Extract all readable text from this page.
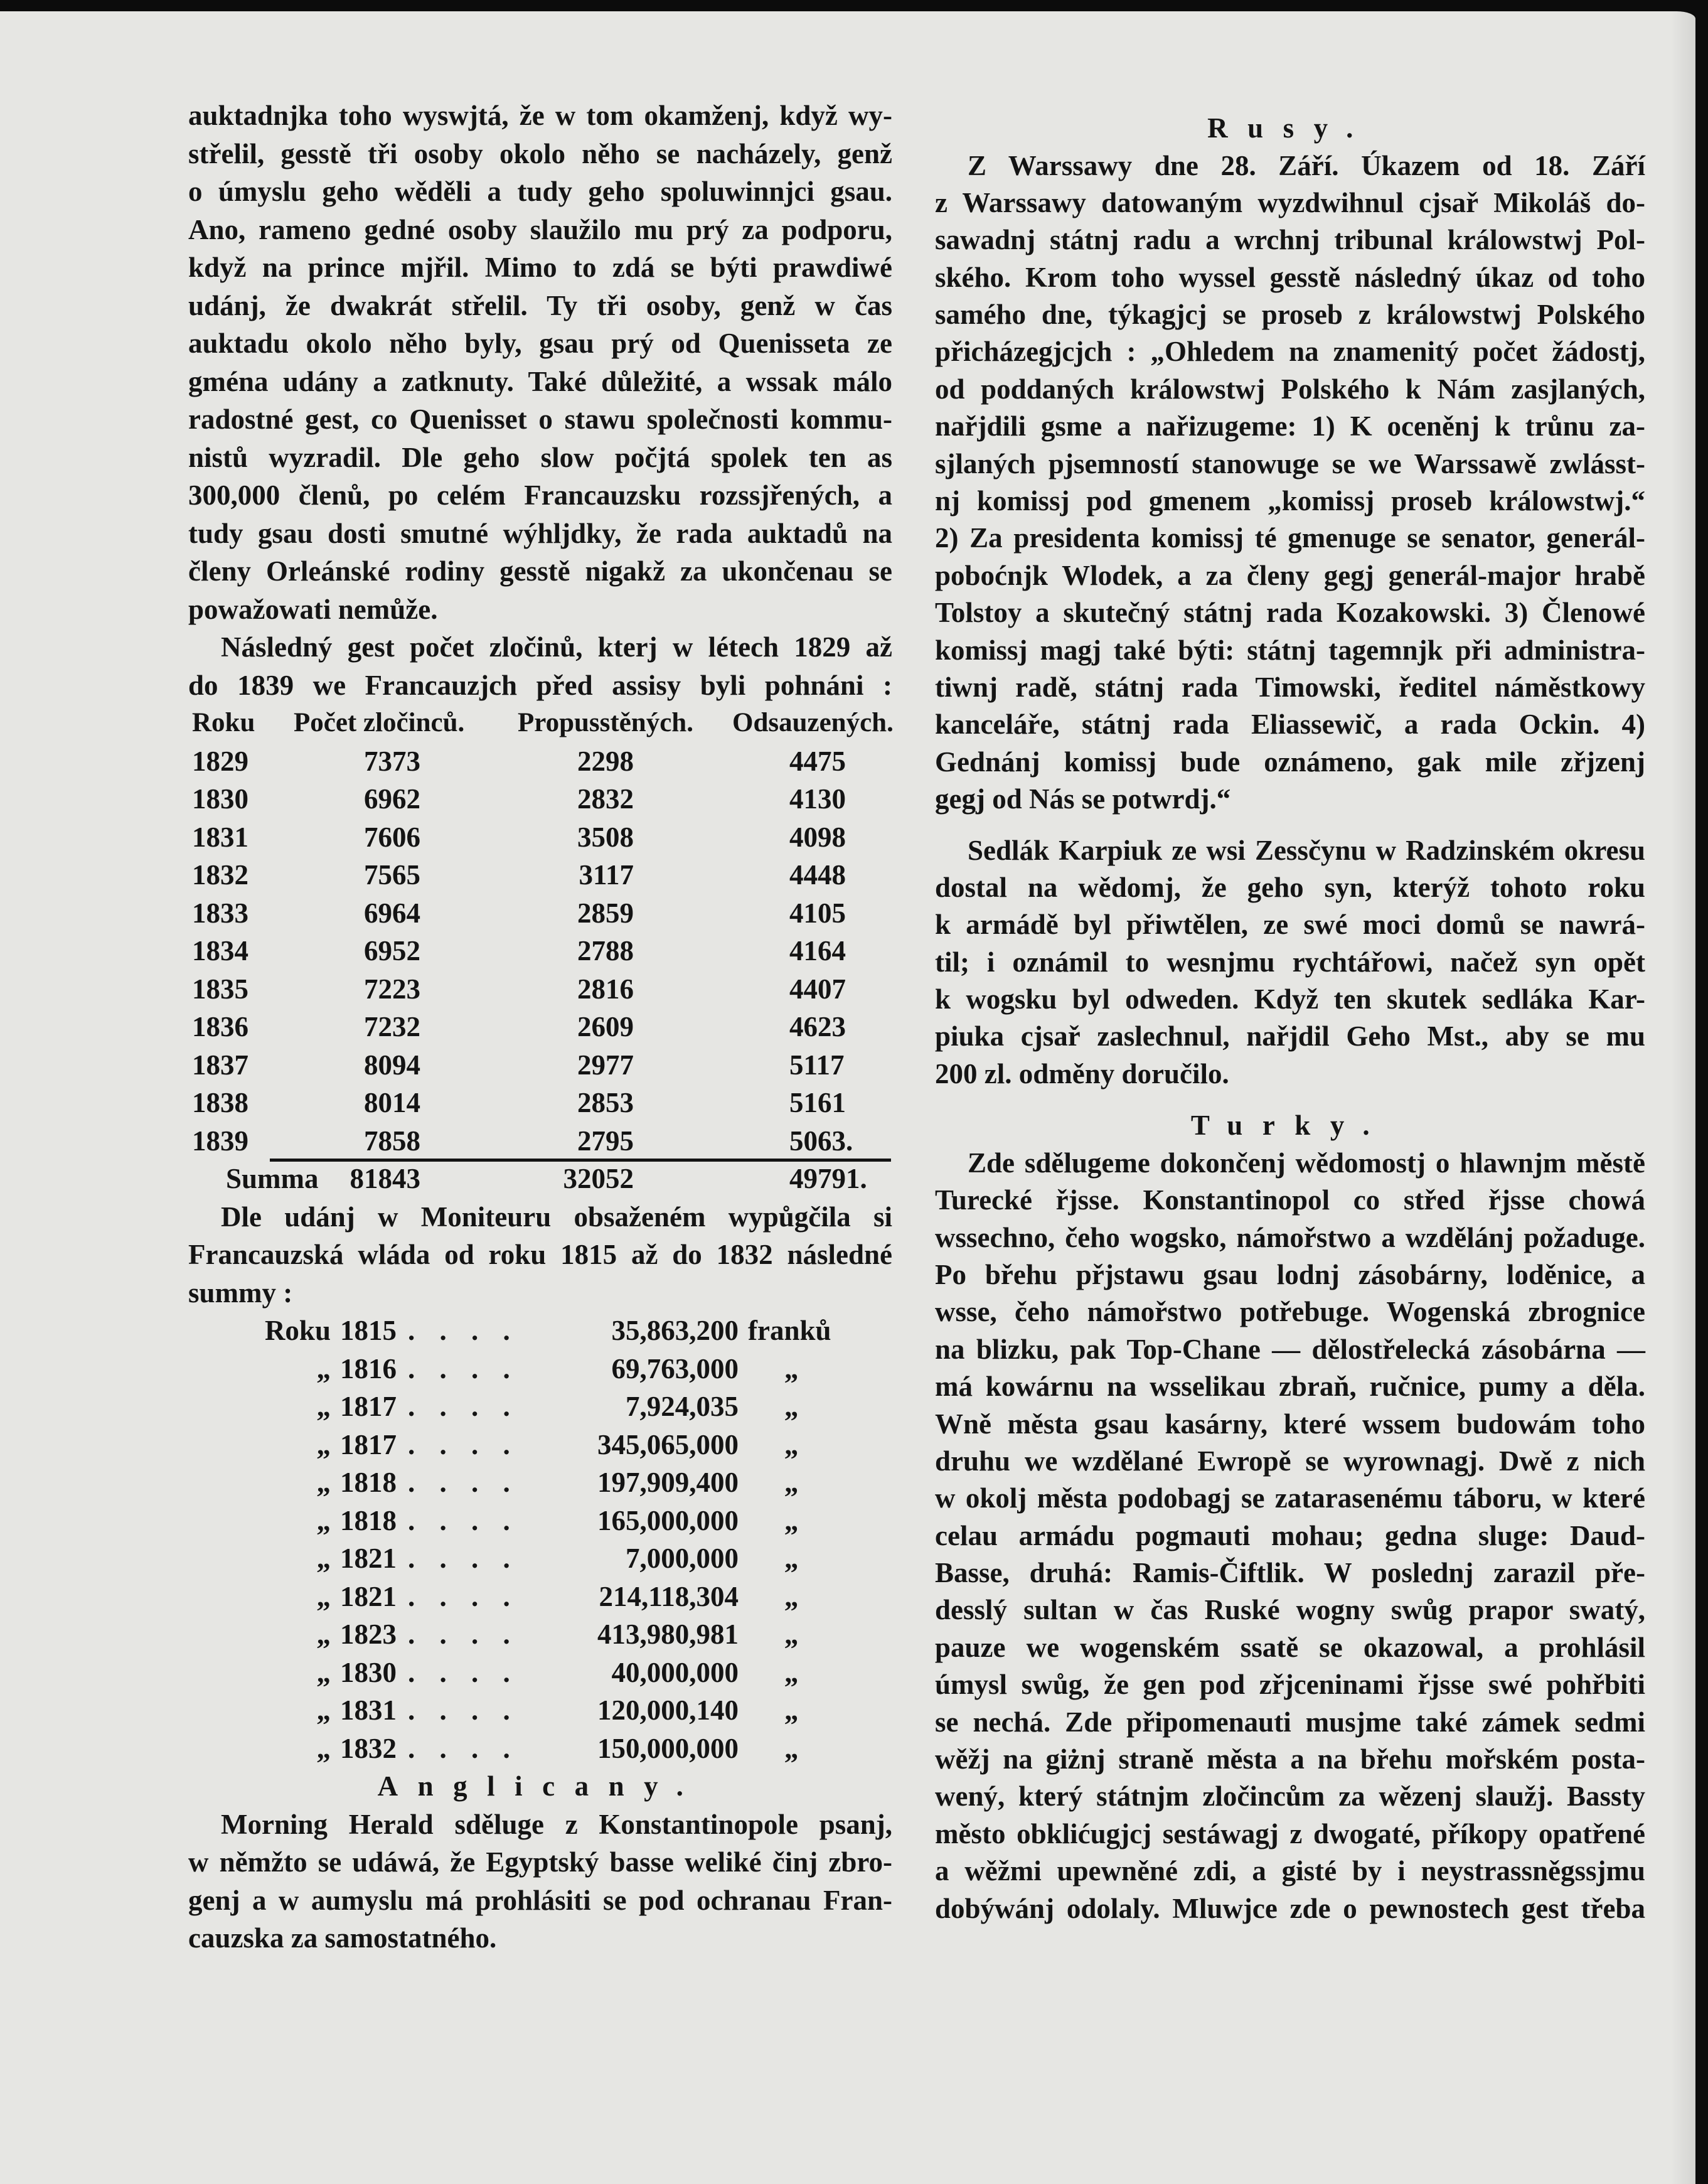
auktadnjka toho wyswjtá, že w tom okamženj, když wy-
střelil, gesstě tři osoby okolo něho se nacházely, genž
o úmyslu geho wěděli a tudy geho spoluwinnjci gsau.
Ano, rameno gedné osoby slaužilo mu prý za podporu,
když na prince mjřil. Mimo to zdá se býti prawdiwé
udánj, že dwakrát střelil. Ty tři osoby, genž w čas
auktadu okolo něho byly, gsau prý od Quenisseta ze
gména udány a zatknuty. Také důležité, a wssak málo
radostné gest, co Quenisset o stawu společnosti kommu-
nistů wyzradil. Dle geho slow počjtá spolek ten as
300,000 členů, po celém Francauzsku rozssjřených, a
tudy gsau dosti smutné wýhljdky, že rada auktadů na
členy Orleánské rodiny gesstě nigakž za ukončenau se
powažowati nemůže.
Následný gest počet zločinů, kterj w létech 1829 až
do 1839 we Francauzjch před assisy byli pohnáni :
Roku Počet zločinců. Propusstěných. Odsauzených.
1829	7373	2298	4475
1830	6962	2832	4130
1831	7606	3508	4098
1832	7565	3117	4448
1833	6964	2859	4105
1834	6952	2788	4164
1835	7223	2816	4407
1836	7232	2609	4623
1837	8094	2977	5117
1838	8014	2853	5161
1839	7858	2795	5063.
Summa 81843	32052	49791.
Dle udánj w Moniteuru obsaženém wypůgčila si
Francauzská wláda od roku 1815 až do 1832 následné
summy :
Roku 1815 . . . .	35,863,200 franků
„ 1816 . . . .	69,763,000 „
„ 1817 . . . .	7,924,035 „
„ 1817 . . . .	345,065,000 „
„ 1818 . . . .	197,909,400 „
„ 1818 . . . .	165,000,000 „
„ 1821 . . . .	7,000,000 „
„ 1821 . . . .	214,118,304 „
„ 1823 . . . .	413,980,981 „
„ 1830 . . . .	40,000,000 „
„ 1831 . . . .	120,000,140 „
„ 1832 . . . .	150,000,000 „
Anglicany.
Morning Herald sděluge z Konstantinopole psanj,
w němžto se udáwá, že Egyptský basse weliké činj zbro-
genj a w aumyslu má prohlásiti se pod ochranau Fran-
cauzska za samostatného.
Rusy.
Z Warssawy dne 28. Září. Úkazem od 18. Září
z Warssawy datowaným wyzdwihnul cjsař Mikoláš do-
sawadnj státnj radu a wrchnj tribunal králowstwj Pol-
ského. Krom toho wyssel gesstě následný úkaz od toho
samého dne, týkagjcj se proseb z králowstwj Polského
přicházegjcjch : „Ohledem na znamenitý počet žádostj,
od poddaných králowstwj Polského k Nám zasjlaných,
nařjdili gsme a nařizugeme: 1) K oceněnj k trůnu za-
sjlaných pjsemností stanowuge se we Warssawě zwlásst-
nj komissj pod gmenem „komissj proseb králowstwj.“
2) Za presidenta komissj té gmenuge se senator, generál-
poboćnjk Wlodek, a za členy gegj generál-major hrabě
Tolstoy a skutečný státnj rada Kozakowski. 3) Členowé
komissj magj také býti: státnj tagemnjk při administra-
tiwnj radě, státnj rada Timowski, ředitel náměstkowy
kanceláře, státnj rada Eliassewič, a rada Ockin. 4)
Gednánj komissj bude oznámeno, gak mile zřjzenj
gegj od Nás se potwrdj.“
Sedlák Karpiuk ze wsi Zessčynu w Radzinském okresu
dostal na wědomj, že geho syn, kterýž tohoto roku
k armádě byl přiwtělen, ze swé moci domů se nawrá-
til; i oznámil to wesnjmu rychtářowi, načež syn opět
k wogsku byl odweden. Když ten skutek sedláka Kar-
piuka cjsař zaslechnul, nařjdil Geho Mst., aby se mu
200 zl. odměny doručilo.
Turky.
Zde sdělugeme dokončenj wědomostj o hlawnjm městě
Turecké řjsse. Konstantinopol co střed řjsse chowá
wssechno, čeho wogsko, námořstwo a wzdělánj požaduge.
Po břehu přjstawu gsau lodnj zásobárny, loděnice, a
wsse, čeho námořstwo potřebuge. Wogenská zbrognice
na blizku, pak Top-Chane — dělostřelecká zásobárna —
má kowárnu na wsselikau zbraň, ručnice, pumy a děla.
Wně města gsau kasárny, které wssem budowám toho
druhu we wzdělané Ewropě se wyrownagj. Dwě z nich
w okolj města podobagj se zatarasenému táboru, w které
celau armádu pogmauti mohau; gedna sluge: Daud-
Basse, druhá: Ramis-Čiftlik. W poslednj zarazil pře-
desslý sultan w čas Ruské wogny swůg prapor swatý,
pauze we wogenském ssatě se okazowal, a prohlásil
úmysl swůg, že gen pod zřjceninami řjsse swé pohřbiti
se nechá. Zde připomenauti musjme také zámek sedmi
wěžj na giżnj straně města a na břehu mořském posta-
wený, který státnjm zločincům za wězenj slaužj. Bassty
město obklićugjcj sestáwagj z dwogaté, příkopy opatřené
a wěžmi upewněné zdi, a gisté by i neystrassněgssjmu
dobýwánj odolaly. Mluwjce zde o pewnostech gest třeba
